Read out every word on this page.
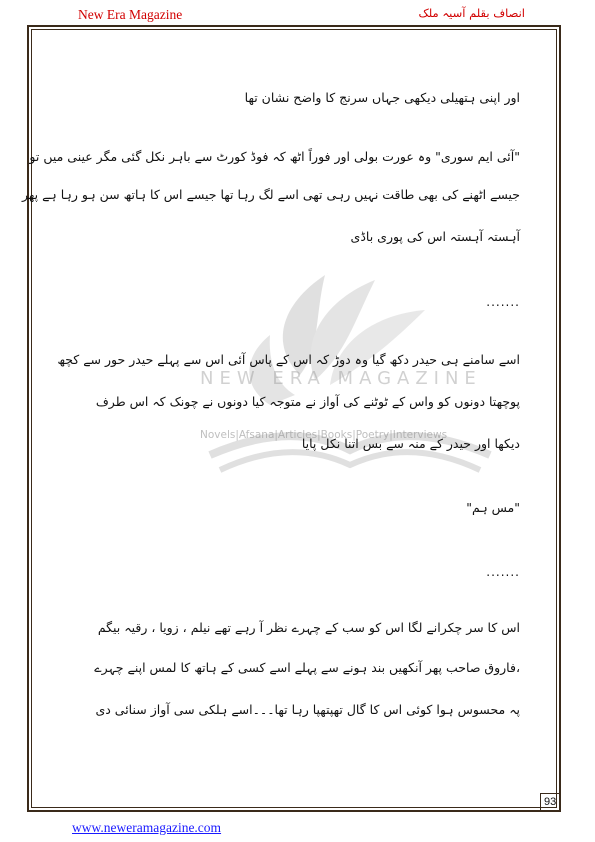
New Era Magazine	انصاف بقلم آسیہ ملک
NEW ERA MAGAZINE
Novels|Afsana|Articles|Books|Poetry|Interviews
اور اپنی ہتھیلی دیکھی جہاں سرنج کا واضح نشان تھا
"آئی ایم سوری" وہ عورت بولی اور فوراً اٹھ کہ فوڈ کورٹ سے باہر نکل گئی مگر عینی میں تو
جیسے اٹھنے کی بھی طاقت نہیں رہی تھی اسے لگ رہا تھا جیسے اس کا ہاتھ سن ہو رہا ہے پھر
آہستہ آہستہ اس کی پوری باڈی
.......
اسے سامنے ہی حیدر دکھ گیا وہ دوڑ کہ اس کے پاس آئی اس سے پہلے حیدر حور سے کچھ
پوچھتا دونوں کو واس کے ٹوٹنے کی آواز نے متوجہ کیا دونوں نے چونک کہ اس طرف
دیکھا اور حیدر کے منہ سے بس اتنا نکل پایا
"مس ہم"
.......
اس کا سر چکرانے لگا اس کو سب کے چہرے نظر آ رہے تھے نیلم ، زویا ، رقیہ بیگم
،فاروق صاحب پھر آنکھیں بند ہونے سے پہلے اسے کسی کے ہاتھ کا لمس اپنے چہرے
پہ محسوس ہوا کوئی اس کا گال تھپتھپا رہا تھا۔۔۔اسے ہلکی سی آواز سنائی دی
93
www.neweramagazine.com
